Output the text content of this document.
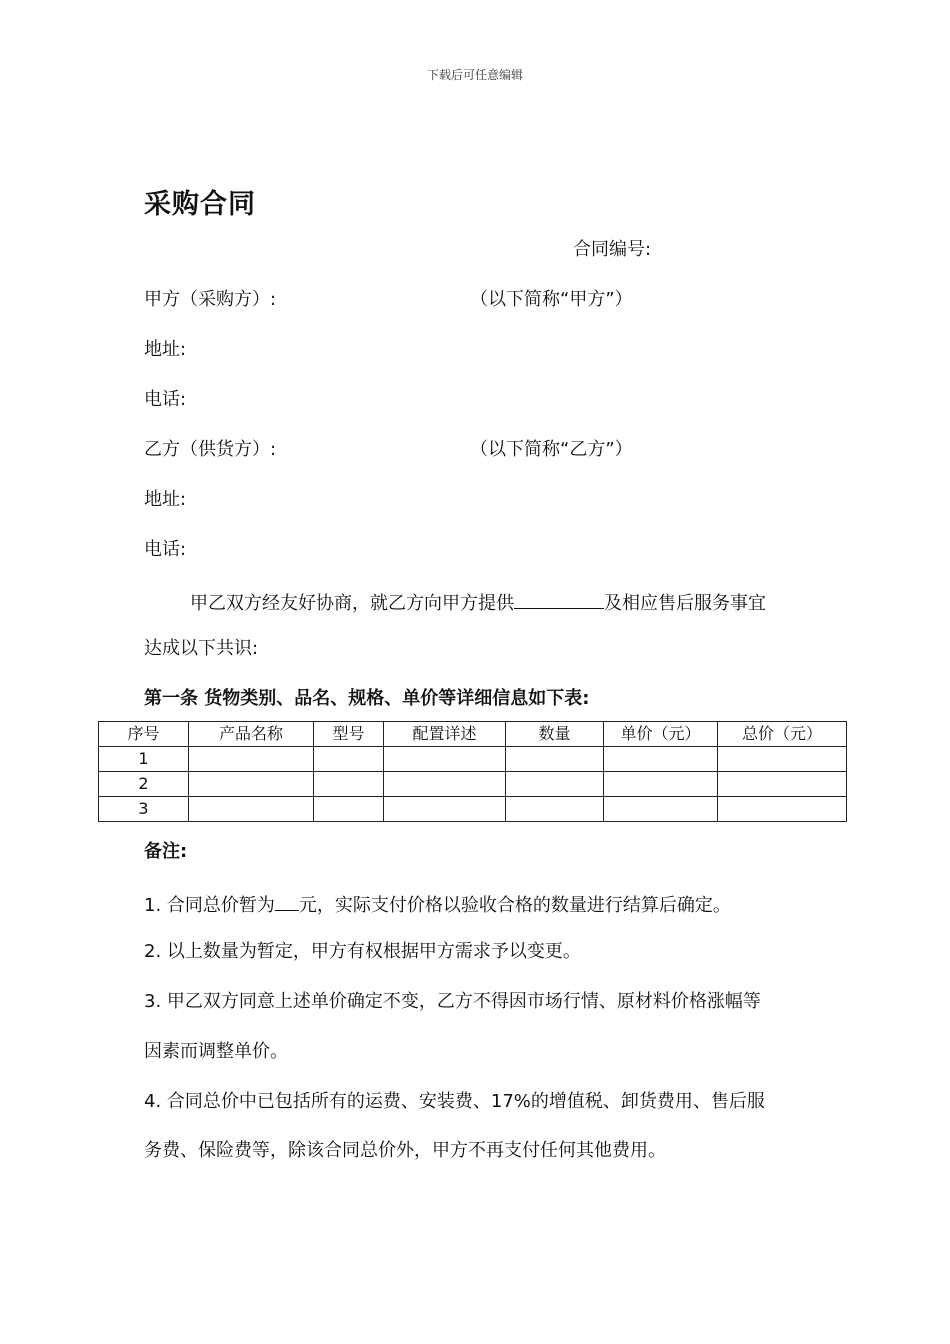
下载后可任意编辑
采购合同
合同编号:
甲方（采购方）:	（以下简称“甲方”）
地址:
电话:
乙方（供货方）:	（以下简称“乙方”）
地址:
电话:
甲乙双方经友好协商，就乙方向甲方提供	及相应售后服务事宜
达成以下共识:
第一条 货物类别、品名、规格、单价等详细信息如下表:
序号	产品名称	型号	配置详述	数量	单价（元）	总价（元）
1						
2						
3						
备注:
1. 合同总价暂为 元，实际支付价格以验收合格的数量进行结算后确定。
2. 以上数量为暂定，甲方有权根据甲方需求予以变更。
3. 甲乙双方同意上述单价确定不变，乙方不得因市场行情、原材料价格涨幅等
因素而调整单价。
4. 合同总价中已包括所有的运费、安装费、17%的增值税、卸货费用、售后服
务费、保险费等，除该合同总价外，甲方不再支付任何其他费用。
